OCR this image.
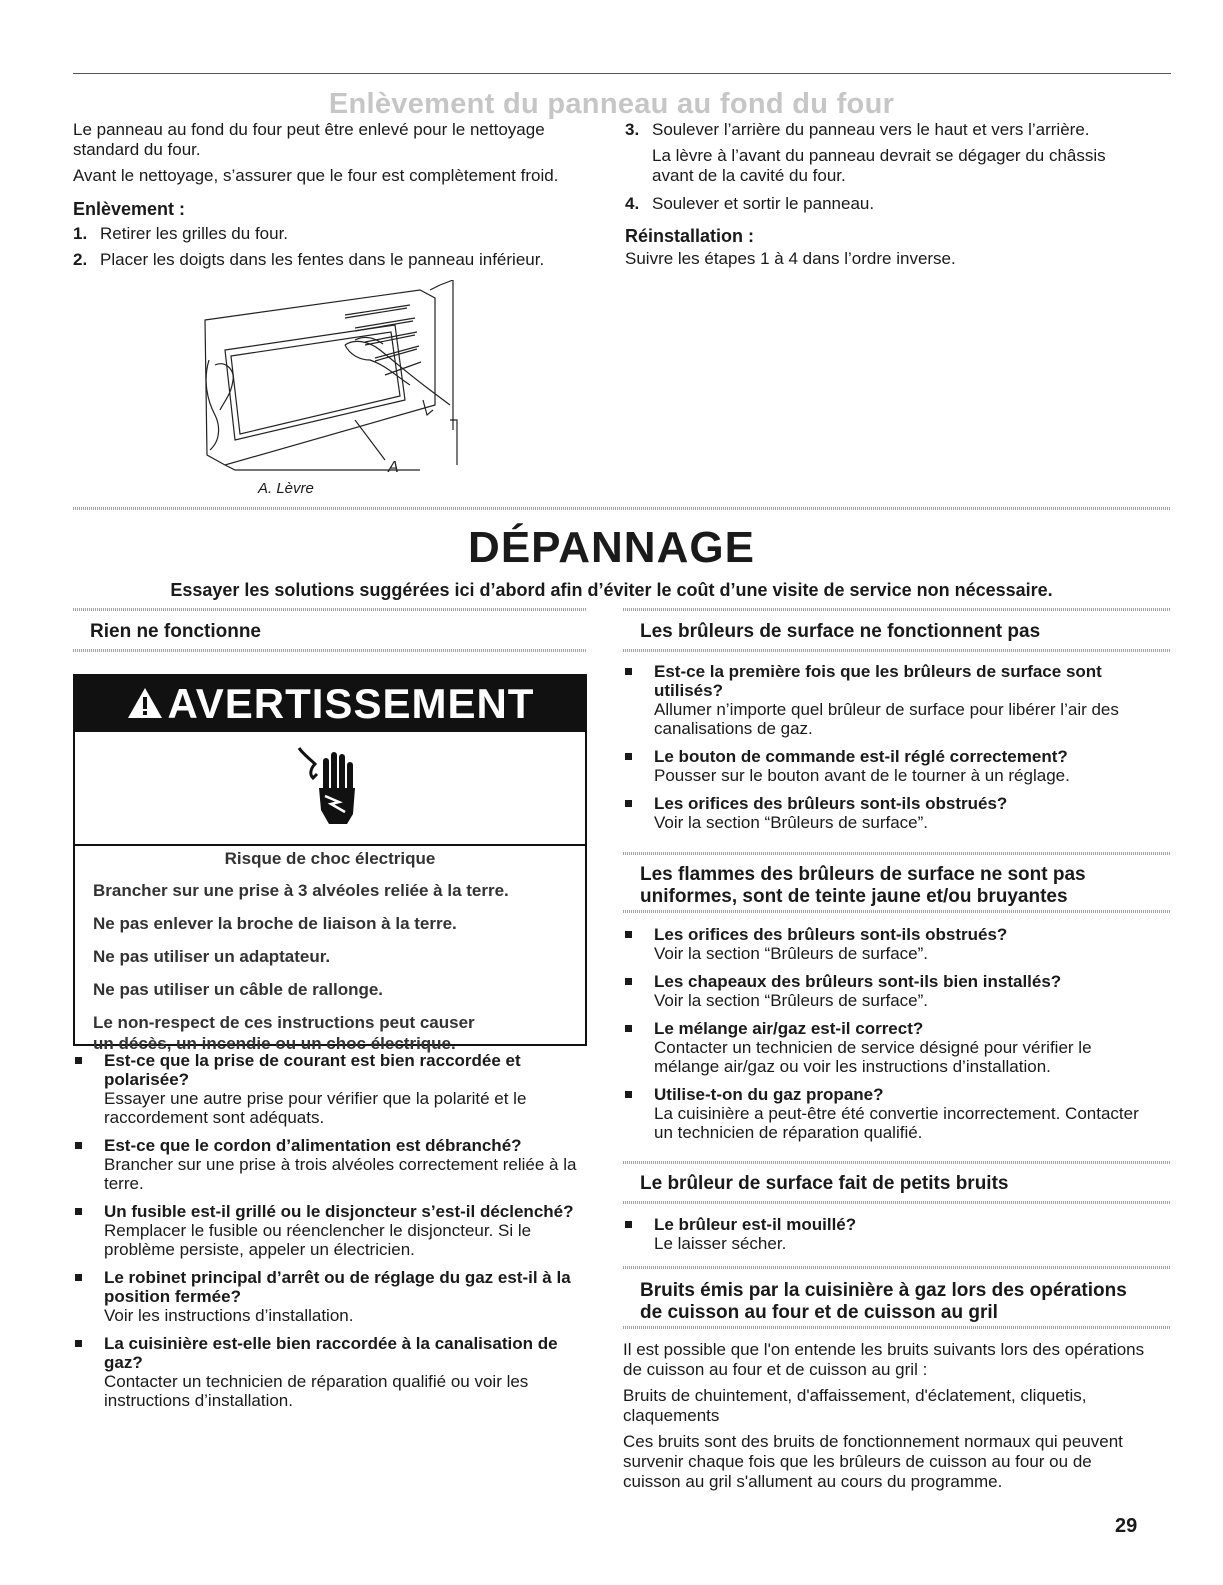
Enlèvement du panneau au fond du four

Le panneau au fond du four peut être enlevé pour le nettoyage standard du four.

Avant le nettoyage, s’assurer que le four est complètement froid.

Enlèvement :

1. Retirer les grilles du four.
2. Placer les doigts dans les fentes dans le panneau inférieur.
3. Soulever l’arrière du panneau vers le haut et vers l’arrière.

La lèvre à l’avant du panneau devrait se dégager du châssis avant de la cavité du four.

4. Soulever et sortir le panneau.

Réinstallation :

Suivre les étapes 1 à 4 dans l’ordre inverse.

A
A. Lèvre
DÉPANNAGE
Essayer les solutions suggérées ici d’abord afin d’éviter le coût d’une visite de service non nécessaire.
Rien ne fonctionne
AVERTISSEMENT
Risque de choc électrique
Brancher sur une prise à 3 alvéoles reliée à la terre.
Ne pas enlever la broche de liaison à la terre.
Ne pas utiliser un adaptateur.
Ne pas utiliser un câble de rallonge.
Le non-respect de ces instructions peut causer
un décès, un incendie ou un choc électrique.
Est-ce que la prise de courant est bien raccordée et polarisée?
Essayer une autre prise pour vérifier que la polarité et le raccordement sont adéquats.
Est-ce que le cordon d’alimentation est débranché?
Brancher sur une prise à trois alvéoles correctement reliée à la terre.
Un fusible est-il grillé ou le disjoncteur s’est-il déclenché?
Remplacer le fusible ou réenclencher le disjoncteur. Si le problème persiste, appeler un électricien.
Le robinet principal d’arrêt ou de réglage du gaz est-il à la position fermée?
Voir les instructions d’installation.
La cuisinière est-elle bien raccordée à la canalisation de gaz?
Contacter un technicien de réparation qualifié ou voir les instructions d’installation.
Les brûleurs de surface ne fonctionnent pas
Est-ce la première fois que les brûleurs de surface sont utilisés?
Allumer n’importe quel brûleur de surface pour libérer l’air des canalisations de gaz.
Le bouton de commande est-il réglé correctement?
Pousser sur le bouton avant de le tourner à un réglage.
Les orifices des brûleurs sont-ils obstrués?
Voir la section “Brûleurs de surface”.
Les flammes des brûleurs de surface ne sont pas uniformes, sont de teinte jaune et/ou bruyantes
Les orifices des brûleurs sont-ils obstrués?
Voir la section “Brûleurs de surface”.
Les chapeaux des brûleurs sont-ils bien installés?
Voir la section “Brûleurs de surface”.
Le mélange air/gaz est-il correct?
Contacter un technicien de service désigné pour vérifier le mélange air/gaz ou voir les instructions d’installation.
Utilise-t-on du gaz propane?
La cuisinière a peut-être été convertie incorrectement. Contacter un technicien de réparation qualifié.
Le brûleur de surface fait de petits bruits
Le brûleur est-il mouillé?
Le laisser sécher.
Bruits émis par la cuisinière à gaz lors des opérations de cuisson au four et de cuisson au gril

Il est possible que l'on entende les bruits suivants lors des opérations de cuisson au four et de cuisson au gril :

Bruits de chuintement, d'affaissement, d'éclatement, cliquetis, claquements

Ces bruits sont des bruits de fonctionnement normaux qui peuvent survenir chaque fois que les brûleurs de cuisson au four ou de cuisson au gril s'allument au cours du programme.

29
